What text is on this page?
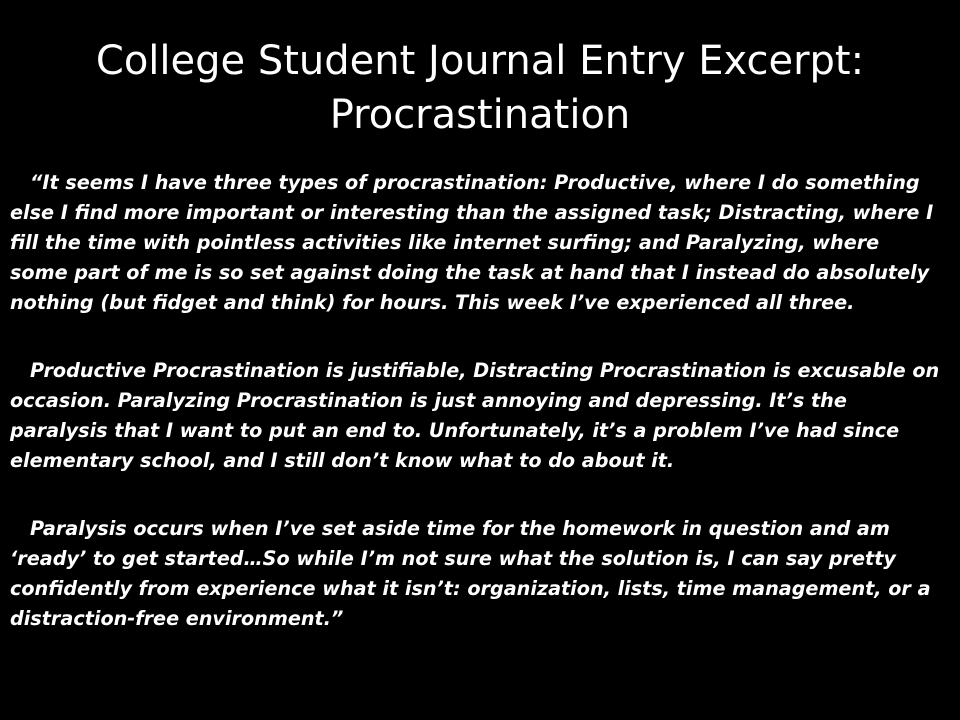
College Student Journal Entry Excerpt: Procrastination

“It seems I have three types of procrastination: Productive, where I do something else I find more important or interesting than the assigned task; Distracting, where I fill the time with pointless activities like internet surfing; and Paralyzing, where some part of me is so set against doing the task at hand that I instead do absolutely nothing (but fidget and think) for hours. This week I’ve experienced all three.

Productive Procrastination is justifiable, Distracting Procrastination is excusable on occasion. Paralyzing Procrastination is just annoying and depressing. It’s the paralysis that I want to put an end to. Unfortunately, it’s a problem I’ve had since elementary school, and I still don’t know what to do about it.

Paralysis occurs when I’ve set aside time for the homework in question and am ‘ready’ to get started…So while I’m not sure what the solution is, I can say pretty confidently from experience what it isn’t: organization, lists, time management, or a distraction-free environment.”
